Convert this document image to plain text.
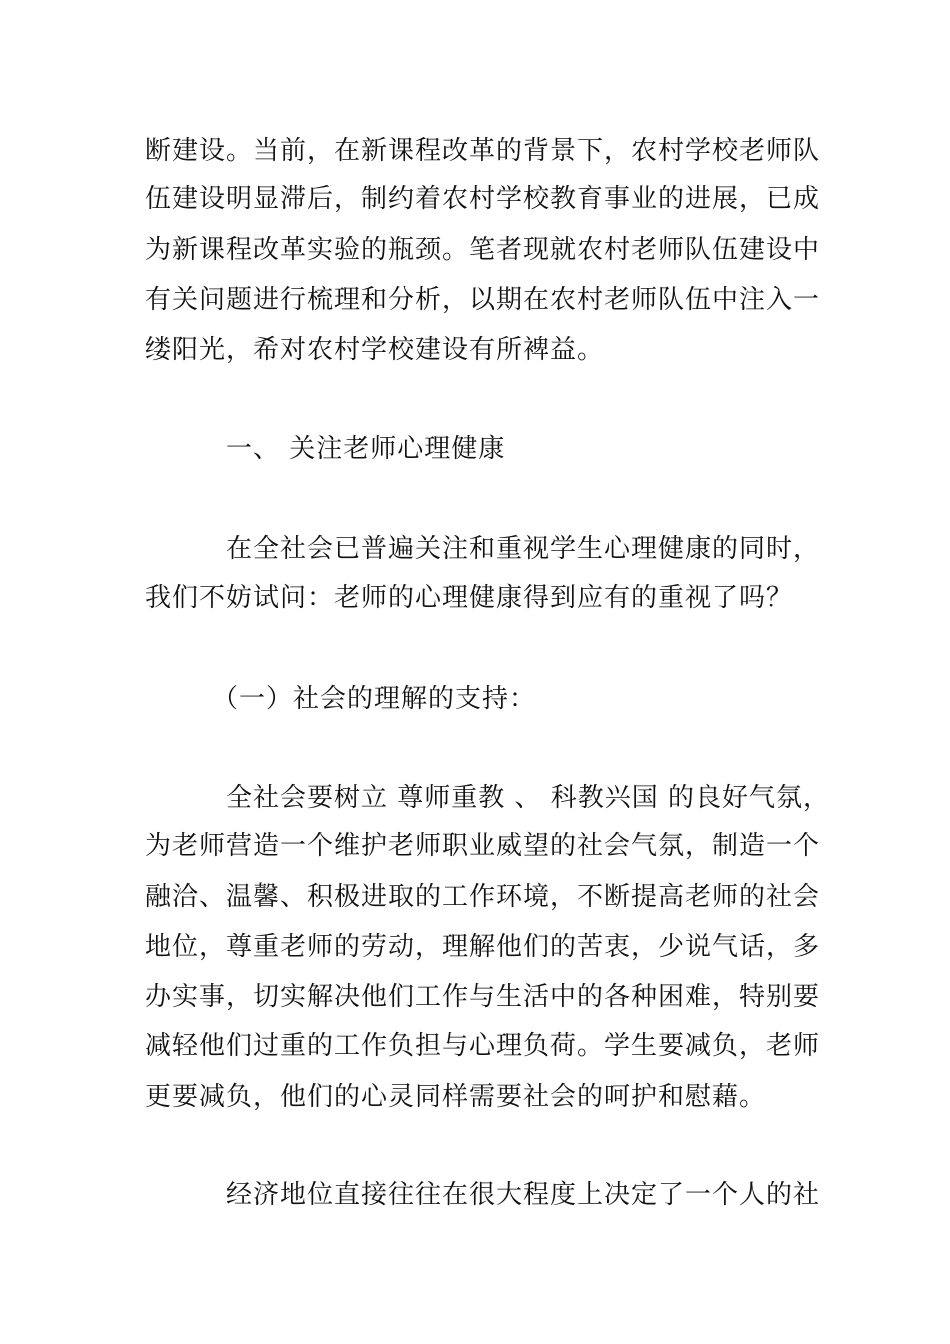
断建设。当前，在新课程改革的背景下，农村学校老师队
伍建设明显滞后，制约着农村学校教育事业的进展，已成
为新课程改革实验的瓶颈。笔者现就农村老师队伍建设中
有关问题进行梳理和分析，以期在农村老师队伍中注入一
缕阳光，希对农村学校建设有所裨益。
一、 关注老师心理健康
在全社会已普遍关注和重视学生心理健康的同时，
我们不妨试问：老师的心理健康得到应有的重视了吗？
（一）社会的理解的支持：
全社会要树立 尊师重教 、 科教兴国 的良好气氛，
为老师营造一个维护老师职业威望的社会气氛，制造一个
融洽、温馨、积极进取的工作环境，不断提高老师的社会
地位，尊重老师的劳动，理解他们的苦衷，少说气话，多
办实事，切实解决他们工作与生活中的各种困难，特别要
减轻他们过重的工作负担与心理负荷。学生要减负，老师
更要减负，他们的心灵同样需要社会的呵护和慰藉。
经济地位直接往往在很大程度上决定了一个人的社
